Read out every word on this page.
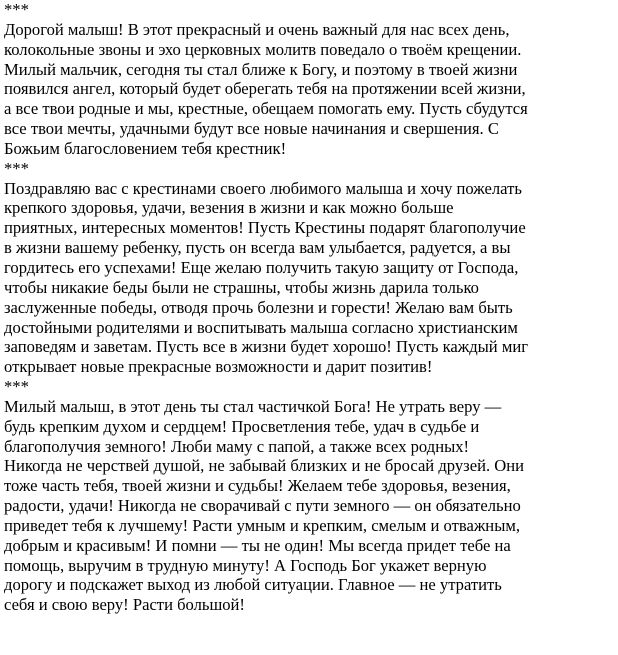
***
Дорогой малыш! В этот прекрасный и очень важный для нас всех день,
колокольные звоны и эхо церковных молитв поведало о твоём крещении.
Милый мальчик, сегодня ты стал ближе к Богу, и поэтому в твоей жизни
появился ангел, который будет оберегать тебя на протяжении всей жизни,
а все твои родные и мы, крестные, обещаем помогать ему. Пусть сбудутся
все твои мечты, удачными будут все новые начинания и свершения. С
Божьим благословением тебя крестник!
***
Поздравляю вас с крестинами своего любимого малыша и хочу пожелать
крепкого здоровья, удачи, везения в жизни и как можно больше
приятных, интересных моментов! Пусть Крестины подарят благополучие
в жизни вашему ребенку, пусть он всегда вам улыбается, радуется, а вы
гордитесь его успехами! Еще желаю получить такую защиту от Господа,
чтобы никакие беды были не страшны, чтобы жизнь дарила только
заслуженные победы, отводя прочь болезни и горести! Желаю вам быть
достойными родителями и воспитывать малыша согласно христианским
заповедям и заветам. Пусть все в жизни будет хорошо! Пусть каждый миг
открывает новые прекрасные возможности и дарит позитив!
***
Милый малыш, в этот день ты стал частичкой Бога! Не утрать веру —
будь крепким духом и сердцем! Просветления тебе, удач в судьбе и
благополучия земного! Люби маму с папой, а также всех родных!
Никогда не черствей душой, не забывай близких и не бросай друзей. Они
тоже часть тебя, твоей жизни и судьбы! Желаем тебе здоровья, везения,
радости, удачи! Никогда не сворачивай с пути земного — он обязательно
приведет тебя к лучшему! Расти умным и крепким, смелым и отважным,
добрым и красивым! И помни — ты не один! Мы всегда придет тебе на
помощь, выручим в трудную минуту! А Господь Бог укажет верную
дорогу и подскажет выход из любой ситуации. Главное — не утратить
себя и свою веру! Расти большой!
